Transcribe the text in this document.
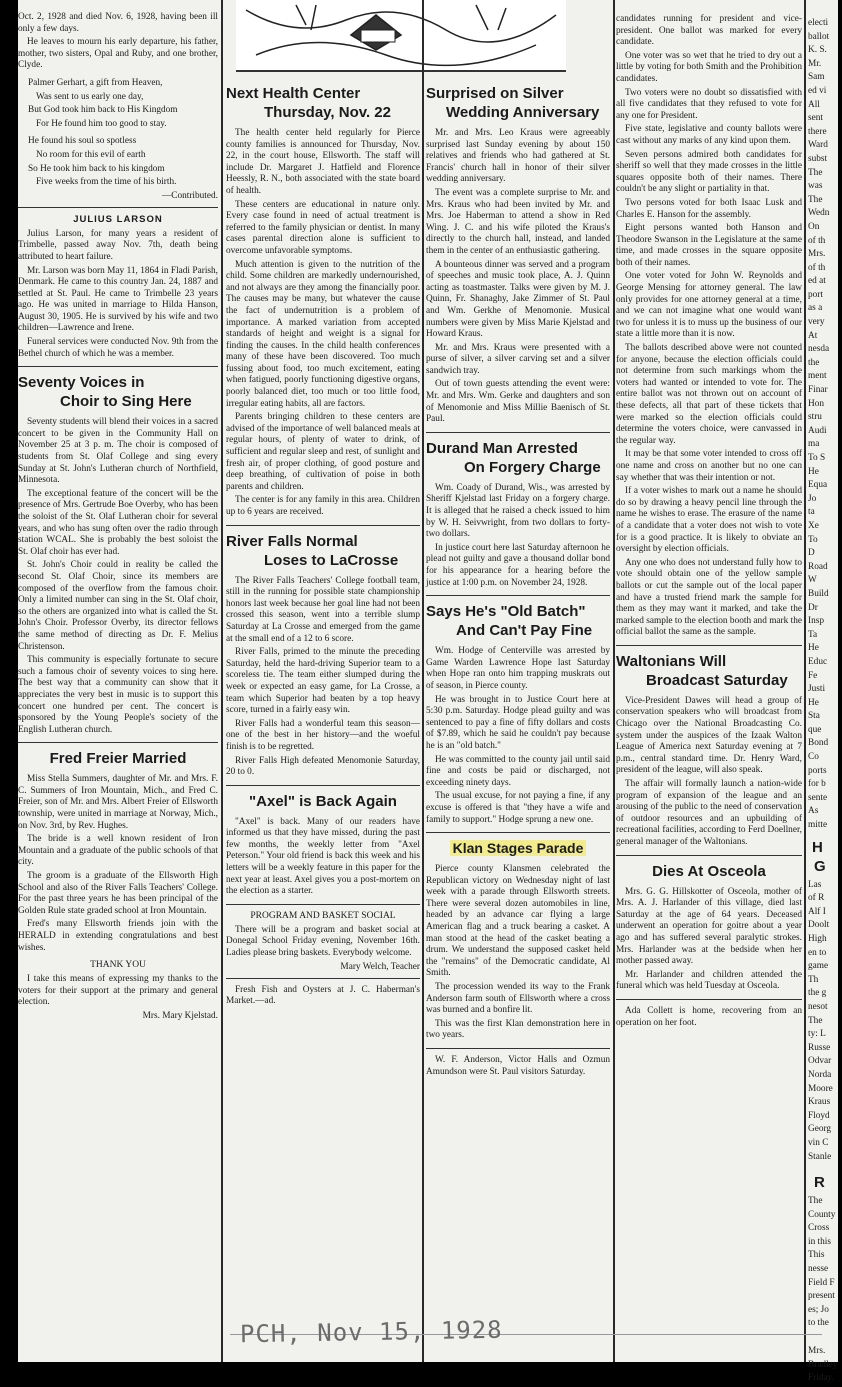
Oct. 2, 1928 and died Nov. 6, 1928, having been ill only a few days.

He leaves to mourn his early departure, his father, mother, two sisters, Opal and Ruby, and one brother, Clyde.

Palmer Gerhart, a gift from Heaven,

Was sent to us early one day,

But God took him back to His Kingdom

For He found him too good to stay.

He found his soul so spotless

No room for this evil of earth

So He took him back to his kingdom

Five weeks from the time of his birth.

—Contributed.
JULIUS LARSON

Julius Larson, for many years a resident of Trimbelle, passed away Nov. 7th, death being attributed to heart failure.

Mr. Larson was born May 11, 1864 in Fladi Parish, Denmark. He came to this country Jan. 24, 1887 and settled at St. Paul. He came to Trimbelle 23 years ago. He was united in marriage to Hilda Hanson, August 30, 1905. He is survived by his wife and two children—Lawrence and Irene.

Funeral services were conducted Nov. 9th from the Bethel church of which he was a member.

Seventy Voices in
Choir to Sing Here

Seventy students will blend their voices in a sacred concert to be given in the Community Hall on November 25 at 3 p. m. The choir is composed of students from St. Olaf College and sing every Sunday at St. John's Lutheran church of Northfield, Minnesota.

The exceptional feature of the concert will be the presence of Mrs. Gertrude Boe Overby, who has been the soloist of the St. Olaf Lutheran choir for several years, and who has sung often over the radio through station WCAL. She is probably the best soloist the St. Olaf choir has ever had.

St. John's Choir could in reality be called the second St. Olaf Choir, since its members are composed of the overflow from the famous choir. Only a limited number can sing in the St. Olaf choir, so the others are organized into what is called the St. John's Choir. Professor Overby, its director fellows the same method of directing as Dr. F. Melius Christenson.

This community is especially fortunate to secure such a famous choir of seventy voices to sing here. The best way that a community can show that it appreciates the very best in music is to support this concert one hundred per cent. The concert is sponsored by the Young People's society of the English Lutheran church.

Fred Freier Married

Miss Stella Summers, daughter of Mr. and Mrs. F. C. Summers of Iron Mountain, Mich., and Fred C. Freier, son of Mr. and Mrs. Albert Freier of Ellsworth township, were united in marriage at Norway, Mich., on Nov. 3rd, by Rev. Hughes.

The bride is a well known resident of Iron Mountain and a graduate of the public schools of that city.

The groom is a graduate of the Ellsworth High School and also of the River Falls Teachers' College. For the past three years he has been principal of the Golden Rule state graded school at Iron Mountain.

Fred's many Ellsworth friends join with the HERALD in extending congratulations and best wishes.

THANK YOU

I take this means of expressing my thanks to the voters for their support at the primary and general election.

Mrs. Mary Kjelstad.
Next Health Center
Thursday, Nov. 22

The health center held regularly for Pierce county families is announced for Thursday, Nov. 22, in the court house, Ellsworth. The staff will include Dr. Margaret J. Hatfield and Florence Heessly, R. N., both associated with the state board of health.

These centers are educational in nature only. Every case found in need of actual treatment is referred to the family physician or dentist. In many cases parental direction alone is sufficient to overcome unfavorable symptoms.

Much attention is given to the nutrition of the child. Some children are markedly undernourished, and not always are they among the financially poor. The causes may be many, but whatever the cause the fact of undernutrition is a problem of importance. A marked variation from accepted standards of height and weight is a signal for finding the causes. In the child health conferences many of these have been discovered. Too much fussing about food, too much excitement, eating when fatigued, poorly functioning digestive organs, poorly balanced diet, too much or too little food, irregular eating habits, all are factors.

Parents bringing children to these centers are advised of the importance of well balanced meals at regular hours, of plenty of water to drink, of sufficient and regular sleep and rest, of sunlight and fresh air, of proper clothing, of good posture and deep breathing, of cultivation of poise in both parents and children.

The center is for any family in this area. Children up to 6 years are received.

River Falls Normal
Loses to LaCrosse

The River Falls Teachers' College football team, still in the running for possible state championship honors last week because her goal line had not been crossed this season, went into a terrible slump Saturday at La Crosse and emerged from the game at the small end of a 12 to 6 score.

River Falls, primed to the minute the preceding Saturday, held the hard-driving Superior team to a scoreless tie. The team either slumped during the week or expected an easy game, for La Crosse, a team which Superior had beaten by a top heavy score, turned in a fairly easy win.

River Falls had a wonderful team this season—one of the best in her history—and the woeful finish is to be regretted.

River Falls High defeated Menomonie Saturday, 20 to 0.

"Axel" is Back Again

"Axel" is back. Many of our readers have informed us that they have missed, during the past few months, the weekly letter from "Axel Peterson." Your old friend is back this week and his letters will be a weekly feature in this paper for the next year at least. Axel gives you a post-mortem on the election as a starter.

PROGRAM AND BASKET SOCIAL

There will be a program and basket social at Donegal School Friday evening, November 16th. Ladies please bring baskets. Everybody welcome.

Mary Welch, Teacher

Fresh Fish and Oysters at J. C. Haberman's Market.—ad.

Surprised on Silver
Wedding Anniversary

Mr. and Mrs. Leo Kraus were agreeably surprised last Sunday evening by about 150 relatives and friends who had gathered at St. Francis' church hall in honor of their silver wedding anniversary.

The event was a complete surprise to Mr. and Mrs. Kraus who had been invited by Mr. and Mrs. Joe Haberman to attend a show in Red Wing. J. C. and his wife piloted the Kraus's directly to the church hall, instead, and landed them in the center of an enthusiastic gathering.

A bounteous dinner was served and a program of speeches and music took place, A. J. Quinn acting as toastmaster. Talks were given by M. J. Quinn, Fr. Shanaghy, Jake Zimmer of St. Paul and Wm. Gerkhe of Menomonie. Musical numbers were given by Miss Marie Kjelstad and Howard Kraus.

Mr. and Mrs. Kraus were presented with a purse of silver, a silver carving set and a silver sandwich tray.

Out of town guests attending the event were: Mr. and Mrs. Wm. Gerke and daughters and son of Menomonie and Miss Millie Baenisch of St. Paul.

Durand Man Arrested
On Forgery Charge

Wm. Coady of Durand, Wis., was arrested by Sheriff Kjelstad last Friday on a forgery charge. It is alleged that he raised a check issued to him by W. H. Seivwright, from two dollars to forty-two dollars.

In justice court here last Saturday afternoon he plead not guilty and gave a thousand dollar bond for his appearance for a hearing before the justice at 1:00 p.m. on November 24, 1928.

Says He's "Old Batch"
And Can't Pay Fine

Wm. Hodge of Centerville was arrested by Game Warden Lawrence Hope last Saturday when Hope ran onto him trapping muskrats out of season, in Pierce county.

He was brought in to Justice Court here at 5:30 p.m. Saturday. Hodge plead guilty and was sentenced to pay a fine of fifty dollars and costs of $7.89, which he said he couldn't pay because he is an "old batch."

He was committed to the county jail until said fine and costs be paid or discharged, not exceeding ninety days.

The usual excuse, for not paying a fine, if any excuse is offered is that "they have a wife and family to support." Hodge sprung a new one.

Klan Stages Parade

Pierce county Klansmen celebrated the Republican victory on Wednesday night of last week with a parade through Ellsworth streets. There were several dozen automobiles in line, headed by an advance car flying a large American flag and a truck bearing a casket. A man stood at the head of the casket beating a drum. We understand the supposed casket held the "remains" of the Democratic candidate, Al Smith.

The procession wended its way to the Frank Anderson farm south of Ellsworth where a cross was burned and a bonfire lit.

This was the first Klan demonstration here in two years.

W. F. Anderson, Victor Halls and Ozmun Amundson were St. Paul visitors Saturday.

candidates running for president and vice-president. One ballot was marked for every candidate.

One voter was so wet that he tried to dry out a little by voting for both Smith and the Prohibition candidates.

Two voters were no doubt so dissatisfied with all five candidates that they refused to vote for any one for President.

Five state, legislative and county ballots were cast without any marks of any kind upon them.

Seven persons admired both candidates for sheriff so well that they made crosses in the little squares opposite both of their names. There couldn't be any slight or partiality in that.

Two persons voted for both Isaac Lusk and Charles E. Hanson for the assembly.

Eight persons wanted both Hanson and Theodore Swanson in the Legislature at the same time, and made crosses in the square opposite both of their names.

One voter voted for John W. Reynolds and George Mensing for attorney general. The law only provides for one attorney general at a time, and we can not imagine what one would want two for unless it is to muss up the business of our state a little more than it is now.

The ballots described above were not counted for anyone, because the election officials could not determine from such markings whom the voters had wanted or intended to vote for. The entire ballot was not thrown out on account of these defects, all that part of these tickets that were marked so the election officials could determine the voters choice, were canvassed in the regular way.

It may be that some voter intended to cross off one name and cross on another but no one can say whether that was their intention or not.

If a voter wishes to mark out a name he should do so by drawing a heavy pencil line through the name he wishes to erase. The erasure of the name of a candidate that a voter does not wish to vote for is a good practice. It is likely to obviate an oversight by election officials.

Any one who does not understand fully how to vote should obtain one of the yellow sample ballots or cut the sample out of the local paper and have a trusted friend mark the sample for them as they may want it marked, and take the marked sample to the election booth and mark the official ballot the same as the sample.

Waltonians Will
Broadcast Saturday

Vice-President Dawes will head a group of conservation speakers who will broadcast from Chicago over the National Broadcasting Co. system under the auspices of the Izaak Walton League of America next Saturday evening at 7 p.m., central standard time. Dr. Henry Ward, president of the league, will also speak.

The affair will formally launch a nation-wide program of expansion of the league and an arousing of the public to the need of conservation of outdoor resources and an upbuilding of recreational facilities, according to Ferd Doellner, general manager of the Waltonians.

Dies At Osceola

Mrs. G. G. Hillskotter of Osceola, mother of Mrs. A. J. Harlander of this village, died last Saturday at the age of 64 years. Deceased underwent an operation for goitre about a year ago and has suffered several paralytic strokes. Mrs. Harlander was at the bedside when her mother passed away.

Mr. Harlander and children attended the funeral which was held Tuesday at Osceola.

Ada Collett is home, recovering from an operation on her foot.

electi

ballot

K. S.

Mr.

Sam

ed vi

All

sent

there

Ward

subst

The

was

The

Wedn

On

of th

Mrs.

of th

ed at

port

as a

very

At

nesda

the

ment

Finar

Hon

stru

Audi

ma

To S

He

Equa

Jo

ta

Xe

To

D

Road

W

Build

Dr

Insp

Ta

He

Educ

Fe

Justi

He

Sta

que

Bond

Co

ports

for b

sente

As

mitte

H
G

Las

of R

Alf I

Doolt

High

en to

game

Th

the g

nesot

The

ty: L

Russe

Odvar

Norda

Moore

Kraus

Floyd

Georg

vin C

Stanle

R

The

County

Cross

in this

This

nesse

Field F

present

es; Jo

to the

Mrs.

Bradley

Friday.

PCH, Nov 15, 1928
